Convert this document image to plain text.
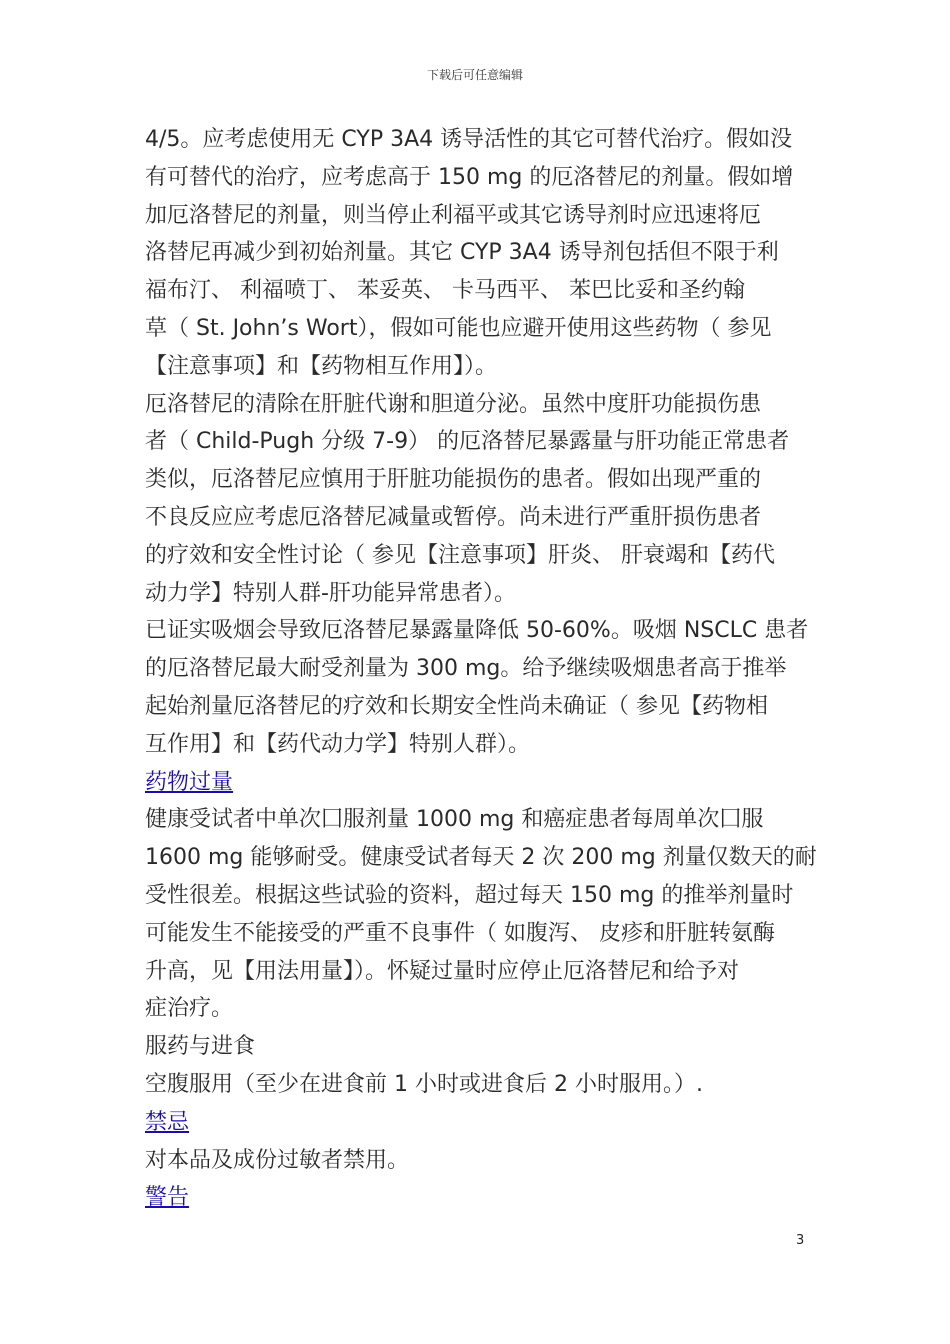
下载后可任意编辑
4/5。应考虑使用无 CYP 3A4 诱导活性的其它可替代治疗。假如没
有可替代的治疗，应考虑高于 150 mg 的厄洛替尼的剂量。假如增
加厄洛替尼的剂量，则当停止利福平或其它诱导剂时应迅速将厄
洛替尼再减少到初始剂量。其它 CYP 3A4 诱导剂包括但不限于利
福布汀、 利福喷丁、 苯妥英、 卡马西平、 苯巴比妥和圣约翰
草（ St. John’s Wort），假如可能也应避开使用这些药物（ 参见
【注意事项】和【药物相互作用】）。
厄洛替尼的清除在肝脏代谢和胆道分泌。虽然中度肝功能损伤患
者（ Child-Pugh 分级 7-9） 的厄洛替尼暴露量与肝功能正常患者
类似，厄洛替尼应慎用于肝脏功能损伤的患者。假如出现严重的
不良反应应考虑厄洛替尼减量或暂停。尚未进行严重肝损伤患者
的疗效和安全性讨论（ 参见【注意事项】肝炎、 肝衰竭和【药代
动力学】特别人群-肝功能异常患者）。
已证实吸烟会导致厄洛替尼暴露量降低 50-60%。吸烟 NSCLC 患者
的厄洛替尼最大耐受剂量为 300 mg。给予继续吸烟患者高于推举
起始剂量厄洛替尼的疗效和长期安全性尚未确证（ 参见【药物相
互作用】和【药代动力学】特别人群）。
药物过量
健康受试者中单次囗服剂量 1000 mg 和癌症患者每周单次囗服
1600 mg 能够耐受。健康受试者每天 2 次 200 mg 剂量仅数天的耐
受性很差。根据这些试验的资料，超过每天 150 mg 的推举剂量时
可能发生不能接受的严重不良事件（ 如腹泻、 皮疹和肝脏转氨酶
升高，见【用法用量】）。怀疑过量时应停止厄洛替尼和给予对
症治疗。
服药与进食
空腹服用（至少在进食前 1 小时或进食后 2 小时服用。）.
禁忌
对本品及成份过敏者禁用。
警告
3
